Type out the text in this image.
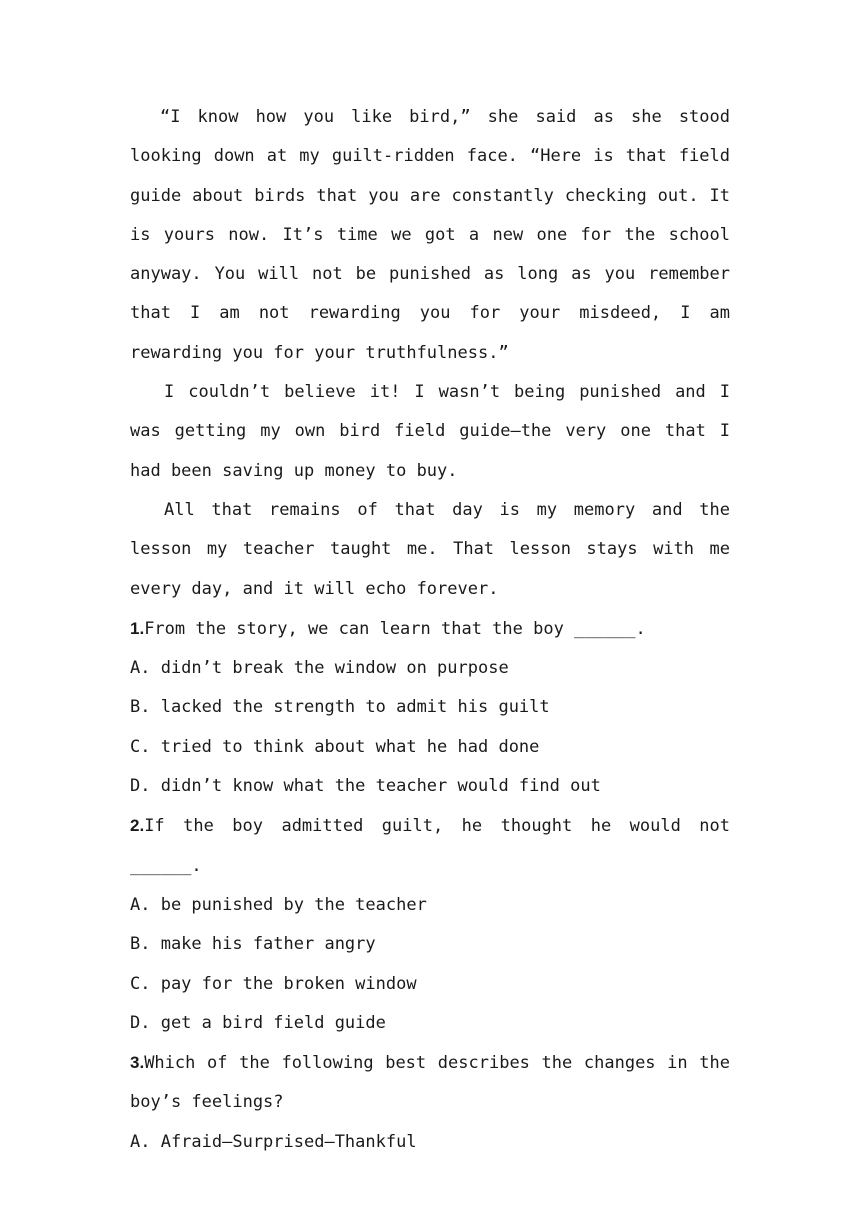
“I know how you like bird,” she said as she stood looking down at my guilt-ridden face. “Here is that field guide about birds that you are constantly checking out. It is yours now. It’s time we got a new one for the school anyway. You will not be punished as long as you remember that I am not rewarding you for your misdeed, I am rewarding you for your truthfulness.”

I couldn’t believe it! I wasn’t being punished and I was getting my own bird field guide—the very one that I had been saving up money to buy.

All that remains of that day is my memory and the lesson my teacher taught me. That lesson stays with me every day, and it will echo forever.

1.From the story, we can learn that the boy ______.

A. didn’t break the window on purpose

B. lacked the strength to admit his guilt

C. tried to think about what he had done

D. didn’t know what the teacher would find out

2.If the boy admitted guilt, he thought he would not ______.

A. be punished by the teacher

B. make his father angry

C. pay for the broken window

D. get a bird field guide

3.Which of the following best describes the changes in the boy’s feelings?

A. Afraid—Surprised—Thankful
